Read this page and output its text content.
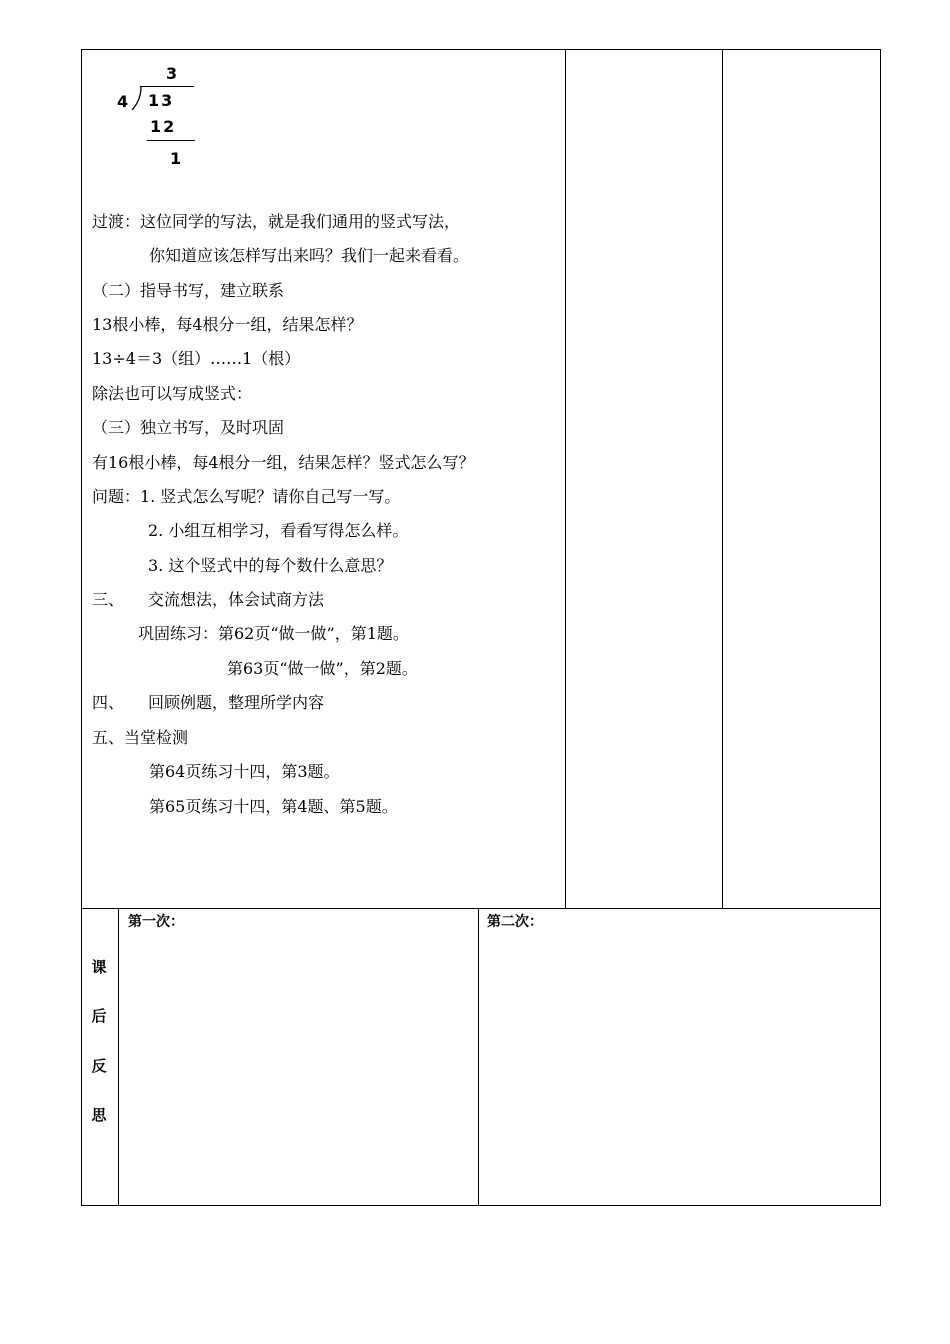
3
4 13
12
1
过渡：这位同学的写法，就是我们通用的竖式写法，
你知道应该怎样写出来吗？我们一起来看看。
（二）指导书写，建立联系
13根小棒，每4根分一组，结果怎样？
13÷4＝3（组）……1（根）
除法也可以写成竖式：
（三）独立书写，及时巩固
有16根小棒，每4根分一组，结果怎样？竖式怎么写？
问题：1. 竖式怎么写呢？请你自己写一写。
2. 小组互相学习，看看写得怎么样。
3. 这个竖式中的每个数什么意思？
三、　　交流想法，体会试商方法
巩固练习：第62页“做一做”，第1题。
第63页“做一做”，第2题。
四、　　回顾例题，整理所学内容
五、当堂检测
第64页练习十四，第3题。
第65页练习十四，第4题、第5题。
课
后
反
思
第一次：	第二次：
